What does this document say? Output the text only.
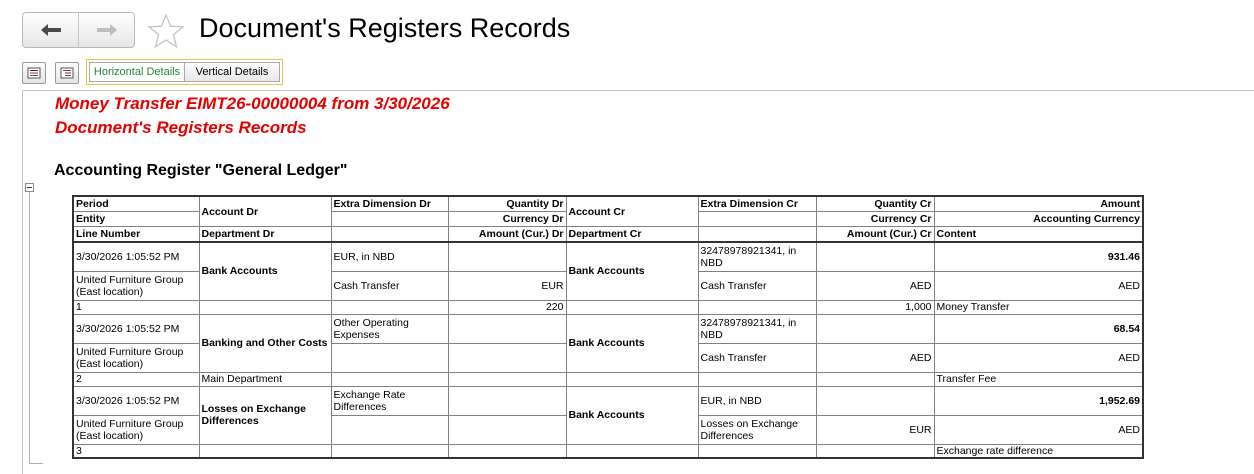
Document's Registers Records
Horizontal Details	Vertical Details
Money Transfer EIMT26-00000004 from 3/30/2026
Document's Registers Records
Accounting Register "General Ledger"
Period	Account Dr	Extra Dimension Dr	Quantity Dr	Account Cr	Extra Dimension Cr	Quantity Cr	Amount
Entity			Currency Dr			Currency Cr	Accounting Currency
Line Number	Department Dr		Amount (Cur.) Dr	Department Cr		Amount (Cur.) Cr	Content
3/30/2026 1:05:52 PM	Bank Accounts	EUR, in NBD		Bank Accounts	32478978921341, in NBD		931.46
United Furniture Group (East location)		Cash Transfer	EUR		Cash Transfer	AED	AED
1			220			1,000	Money Transfer
3/30/2026 1:05:52 PM	Banking and Other Costs	Other Operating Expenses		Bank Accounts	32478978921341, in NBD		68.54
United Furniture Group (East location)					Cash Transfer	AED	AED
2	Main Department						Transfer Fee
3/30/2026 1:05:52 PM	Losses on Exchange Differences	Exchange Rate Differences		Bank Accounts	EUR, in NBD		1,952.69
United Furniture Group (East location)					Losses on Exchange Differences	EUR	AED
3							Exchange rate difference
